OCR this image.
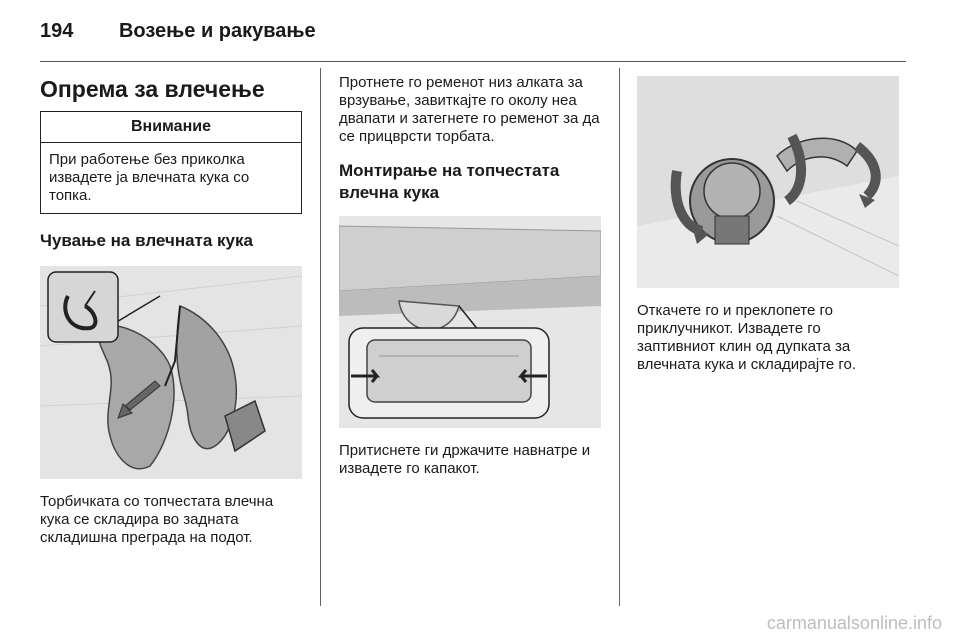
194 Возење и ракување
Опрема за влечење
Внимание

При работење без приколка извадете ја влечната кука со топка.

Чување на влечната кука

Торбичката со топчестата влечна кука се складира во задната складишна преграда на подот.

Протнете го ременот низ алката за врзување, завиткајте го околу неа двапати и затегнете го ременот за да се прицврсти торбата.

Монтирање на топчестата влечна кука

Притиснете ги држачите навнатре и извадете го капакот.

Откачете го и преклопете го приклучникот. Извадете го заптивниот клин од дупката за влечната кука и складирајте го.

carmanualsonline.info
